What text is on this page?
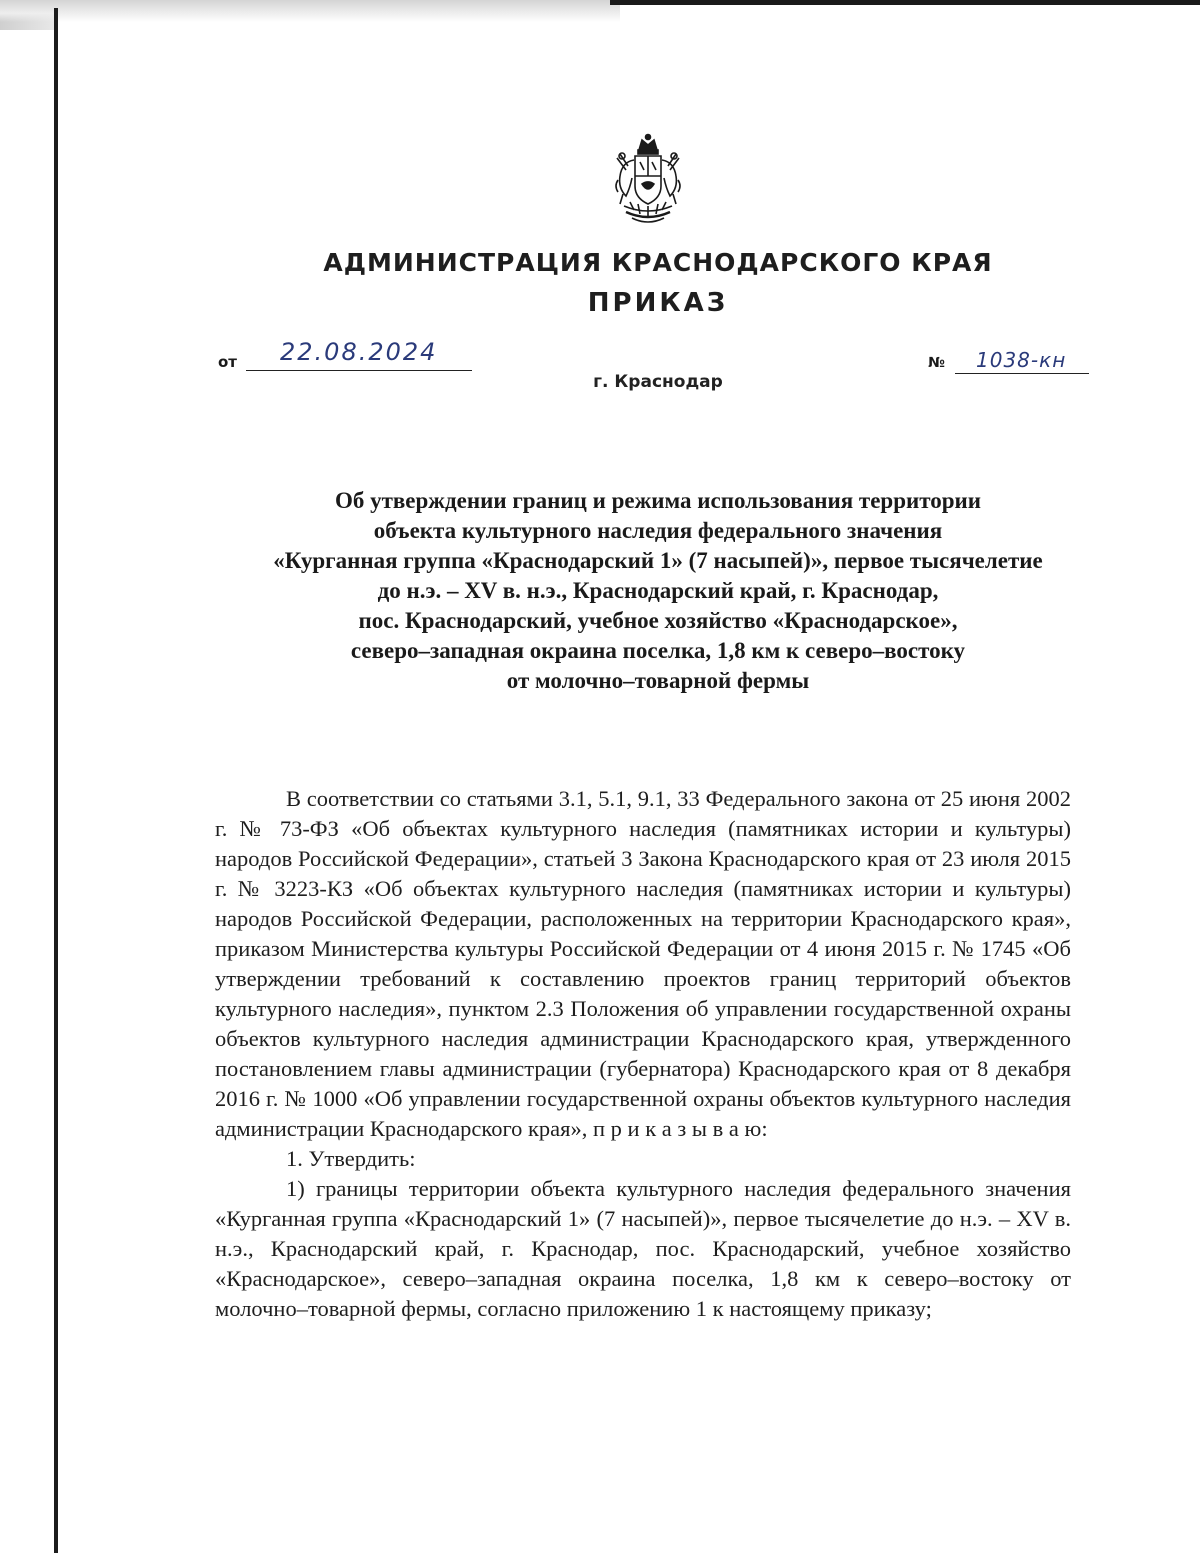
АДМИНИСТРАЦИЯ КРАСНОДАРСКОГО КРАЯ
ПРИКАЗ
от 22.08.2024	№ 1038-кн
г. Краснодар
Об утверждении границ и режима использования территории
объекта культурного наследия федерального значения
«Курганная группа «Краснодарский 1» (7 насыпей)», первое тысячелетие
до н.э. – XV в. н.э., Краснодарский край, г. Краснодар,
пос. Краснодарский, учебное хозяйство «Краснодарское»,
северо–западная окраина поселка, 1,8 км к северо–востоку
от молочно–товарной фермы

В соответствии со статьями 3.1, 5.1, 9.1, 33 Федерального закона от 25 июня 2002 г. № 73-ФЗ «Об объектах культурного наследия (памятниках истории и культуры) народов Российской Федерации», статьей 3 Закона Краснодарского края от 23 июля 2015 г. № 3223-КЗ «Об объектах культурного наследия (памятниках истории и культуры) народов Российской Федерации, расположенных на территории Краснодарского края», приказом Министерства культуры Российской Федерации от 4 июня 2015 г. № 1745 «Об утверждении требований к составлению проектов границ территорий объектов культурного наследия», пунктом 2.3 Положения об управлении государственной охраны объектов культурного наследия администрации Краснодарского края, утвержденного постановлением главы администрации (губернатора) Краснодарского края от 8 декабря 2016 г. № 1000 «Об управлении государственной охраны объектов культурного наследия администрации Краснодарского края», п р и к а з ы в а ю:

1. Утвердить:

1) границы территории объекта культурного наследия федерального значения «Курганная группа «Краснодарский 1» (7 насыпей)», первое тысячелетие до н.э. – XV в. н.э., Краснодарский край, г. Краснодар, пос. Краснодарский, учебное хозяйство «Краснодарское», северо–западная окраина поселка, 1,8 км к северо–востоку от молочно–товарной фермы, согласно приложению 1 к настоящему приказу;
